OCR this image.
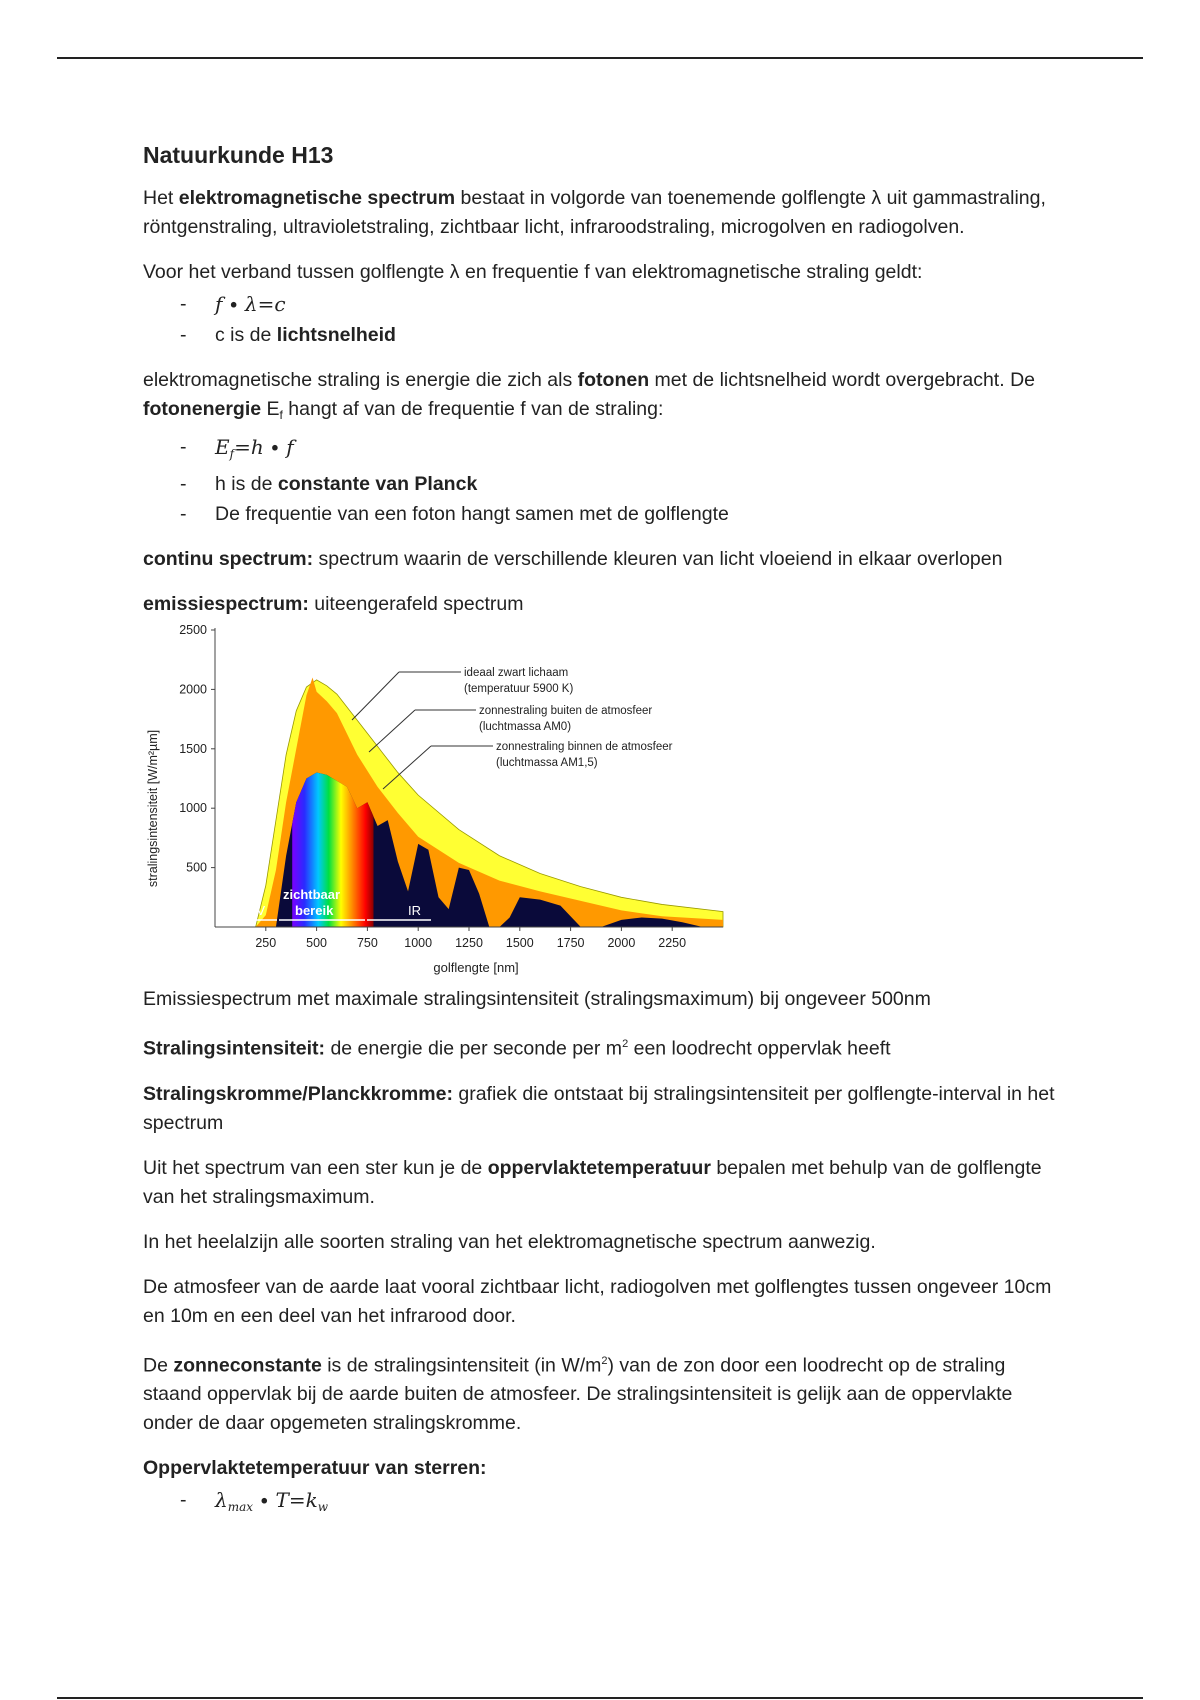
Natuurkunde H13

Het elektromagnetische spectrum bestaat in volgorde van toenemende golflengte λ uit gammastraling, röntgenstraling, ultravioletstraling, zichtbaar licht, infraroodstraling, microgolven en radiogolven.

Voor het verband tussen golflengte λ en frequentie f van elektromagnetische straling geldt:

- f ∙ λ=c
- c is de lichtsnelheid

elektromagnetische straling is energie die zich als fotonen met de lichtsnelheid wordt overgebracht. De fotonenergie $E_f$ hangt af van de frequentie f van de straling:

- $E_f=h \cdot f$
- h is de constante van Planck
- De frequentie van een foton hangt samen met de golflengte

continu spectrum: spectrum waarin de verschillende kleuren van licht vloeiend in elkaar overlopen

emissiespectrum: uiteengerafeld spectrum

250 500 750 1000 1250 1500 1750 2000 2250
2500
2000
1500
1000
500
golflengte [nm]
stralingsintensiteit [W/m²µm]
ideaal zwart lichaam
(temperatuur 5900 K)
zonnestraling buiten de atmosfeer
(luchtmassa AM0)
zonnestraling binnen de atmosfeer
(luchtmassa AM1,5)
zichtbaar
bereik
UV	IR

Emissiespectrum met maximale stralingsintensiteit (stralingsmaximum) bij ongeveer 500nm

Stralingsintensiteit: de energie die per seconde per $m^2$ een loodrecht oppervlak heeft

Stralingskromme/Planckkromme: grafiek die ontstaat bij stralingsintensiteit per golflengte-interval in het spectrum

Uit het spectrum van een ster kun je de oppervlaktetemperatuur bepalen met behulp van de golflengte van het stralingsmaximum.

In het heelalzijn alle soorten straling van het elektromagnetische spectrum aanwezig.

De atmosfeer van de aarde laat vooral zichtbaar licht, radiogolven met golflengtes tussen ongeveer 10cm en 10m en een deel van het infrarood door.

De zonneconstante is de stralingsintensiteit (in $W/m^2$) van de zon door een loodrecht op de straling staand oppervlak bij de aarde buiten de atmosfeer. De stralingsintensiteit is gelijk aan de oppervlakte onder de daar opgemeten stralingskromme.

Oppervlaktetemperatuur van sterren:

- $\lambda_{max} \cdot T=k_w$
